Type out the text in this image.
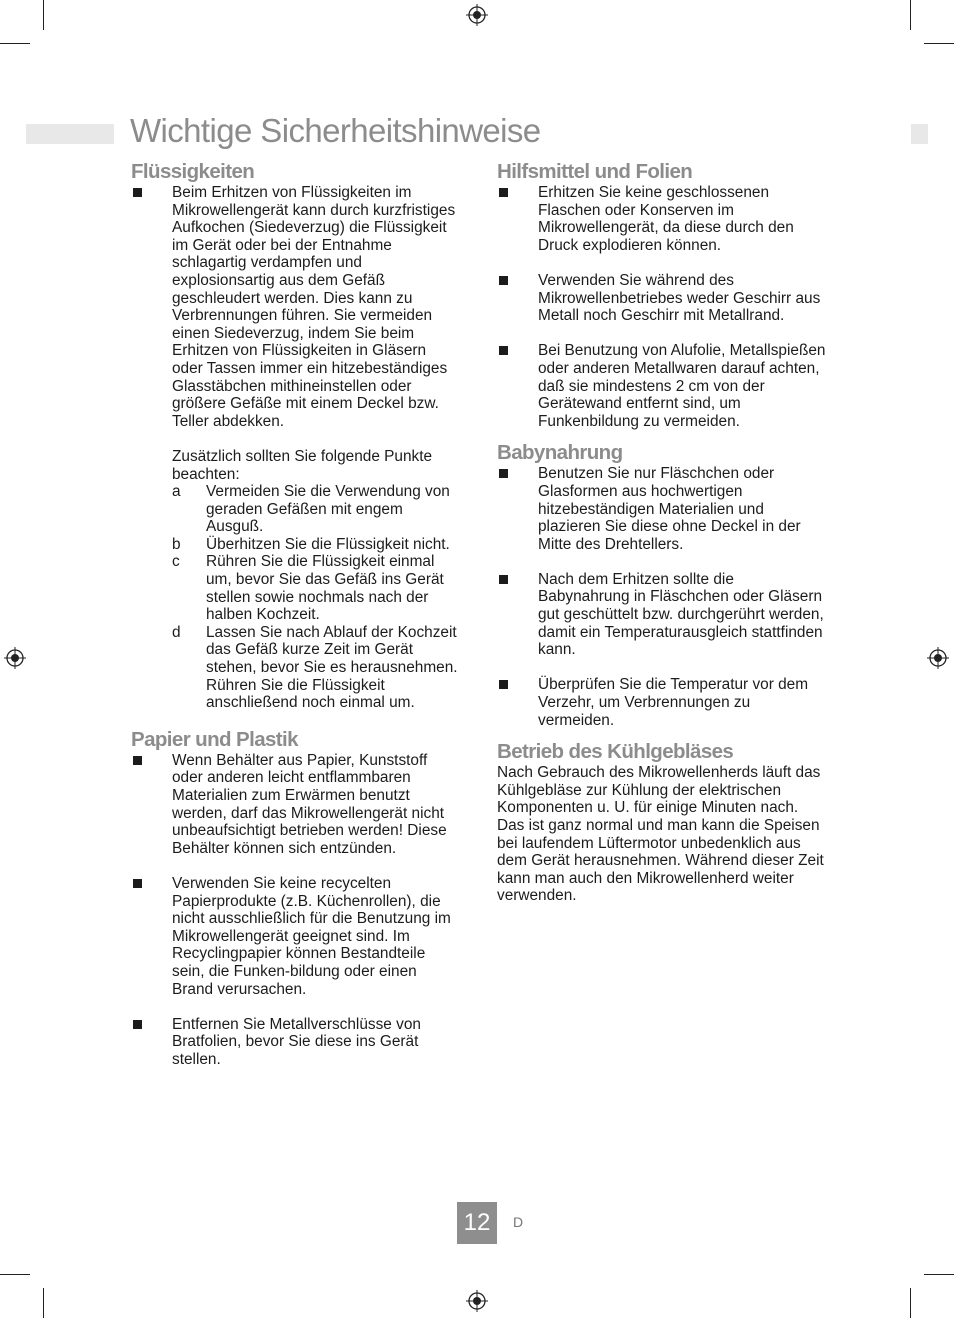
Wichtige Sicherheitshinweise
Flüssigkeiten

Beim Erhitzen von Flüssigkeiten im Mikrowellengerät kann durch kurzfristiges Aufkochen (Siedeverzug) die Flüssigkeit im Gerät oder bei der Entnahme schlagartig verdampfen und explosionsartig aus dem Gefäß geschleudert werden. Dies kann zu Verbrennungen führen. Sie vermeiden einen Siedeverzug, indem Sie beim Erhitzen von Flüssigkeiten in Gläsern oder Tassen immer ein hitzebeständiges Glasstäbchen mithineinstellen oder größere Gefäße mit einem Deckel bzw. Teller abdekken.

Zusätzlich sollten Sie folgende Punkte beachten:

a Vermeiden Sie die Verwendung von geraden Gefäßen mit engem Ausguß.
b Überhitzen Sie die Flüssigkeit nicht.
c Rühren Sie die Flüssigkeit einmal um, bevor Sie das Gefäß ins Gerät stellen sowie nochmals nach der halben Kochzeit.
d Lassen Sie nach Ablauf der Kochzeit das Gefäß kurze Zeit im Gerät stehen, bevor Sie es herausnehmen. Rühren Sie die Flüssigkeit anschließend noch einmal um.
Papier und Plastik
Wenn Behälter aus Papier, Kunststoff oder anderen leicht entflammbaren Materialien zum Erwärmen benutzt werden, darf das Mikrowellengerät nicht unbeaufsichtigt betrieben werden! Diese Behälter können sich entzünden.
Verwenden Sie keine recycelten Papierprodukte (z.B. Küchenrollen), die nicht ausschließlich für die Benutzung im Mikrowellengerät geeignet sind. Im Recyclingpapier können Bestandteile sein, die Funken-bildung oder einen Brand verursachen.
Entfernen Sie Metallverschlüsse von Bratfolien, bevor Sie diese ins Gerät stellen.
Hilfsmittel und Folien
Erhitzen Sie keine geschlossenen Flaschen oder Konserven im Mikrowellengerät, da diese durch den Druck explodieren können.
Verwenden Sie während des Mikrowellenbetriebes weder Geschirr aus Metall noch Geschirr mit Metallrand.
Bei Benutzung von Alufolie, Metallspießen oder anderen Metallwaren darauf achten, daß sie mindestens 2 cm von der Gerätewand entfernt sind, um Funkenbildung zu vermeiden.
Babynahrung
Benutzen Sie nur Fläschchen oder Glasformen aus hochwertigen hitzebeständigen Materialien und plazieren Sie diese ohne Deckel in der Mitte des Drehtellers.
Nach dem Erhitzen sollte die Babynahrung in Fläschchen oder Gläsern gut geschüttelt bzw. durchgerührt werden, damit ein Temperaturausgleich stattfinden kann.
Überprüfen Sie die Temperatur vor dem Verzehr, um Verbrennungen zu vermeiden.
Betrieb des Kühlgebläses

Nach Gebrauch des Mikrowellenherds läuft das Kühlgebläse zur Kühlung der elektrischen Komponenten u. U. für einige Minuten nach. Das ist ganz normal und man kann die Speisen bei laufendem Lüftermotor unbedenklich aus dem Gerät herausnehmen. Während dieser Zeit kann man auch den Mikrowellenherd weiter verwenden.

12	D
